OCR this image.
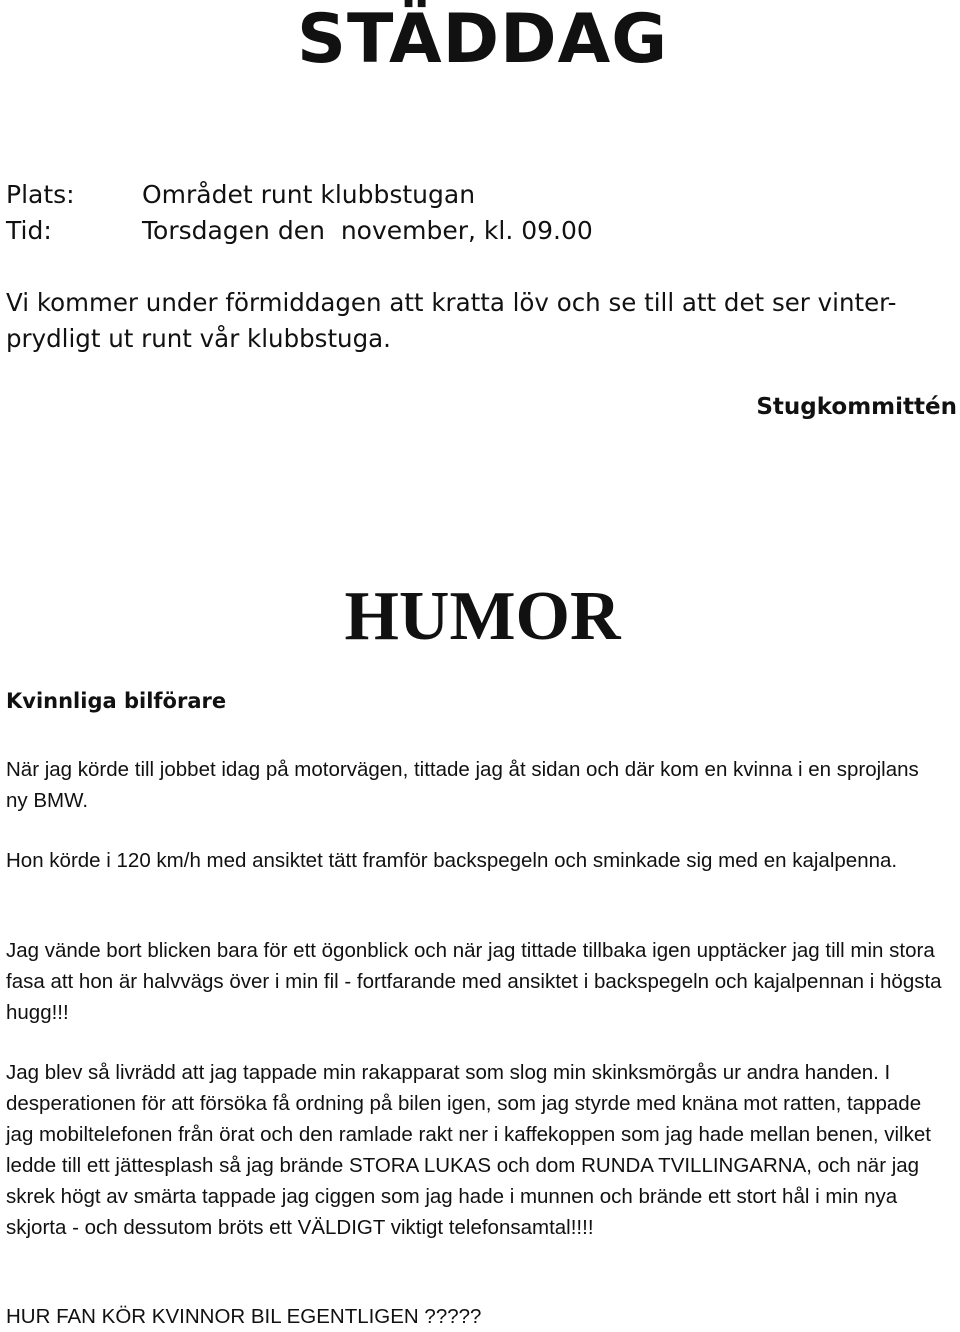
STÄDDAG
Plats:	Området runt klubbstugan
Tid:	Torsdagen den  november, kl. 09.00

Vi kommer under förmiddagen att kratta löv och se till att det ser vinter-
prydligt ut runt vår klubbstuga.

Stugkommittén
HUMOR
Kvinnliga bilförare

När jag körde till jobbet idag på motorvägen, tittade jag åt sidan och där kom en kvinna i en sprojlans ny BMW.

Hon körde i 120 km/h med ansiktet tätt framför backspegeln och sminkade sig med en kajalpenna.

Jag vände bort blicken bara för ett ögonblick och när jag tittade tillbaka igen upptäcker jag till min stora fasa att hon är halvvägs över i min fil - fortfarande med ansiktet i backspegeln och kajalpennan i högsta hugg!!!

Jag blev så livrädd att jag tappade min rakapparat som slog min skinksmörgås ur andra handen. I desperationen för att försöka få ordning på bilen igen, som jag styrde med knäna mot ratten, tappade jag mobiltelefonen från örat och den ramlade rakt ner i kaffekoppen som jag hade mellan benen, vilket ledde till ett jättesplash så jag brände STORA LUKAS och dom RUNDA TVILLINGARNA, och när jag skrek högt av smärta tappade jag ciggen som jag hade i munnen och brände ett stort hål i min nya skjorta - och dessutom bröts ett VÄLDIGT viktigt telefonsamtal!!!!

HUR FAN KÖR KVINNOR BIL EGENTLIGEN ?????
